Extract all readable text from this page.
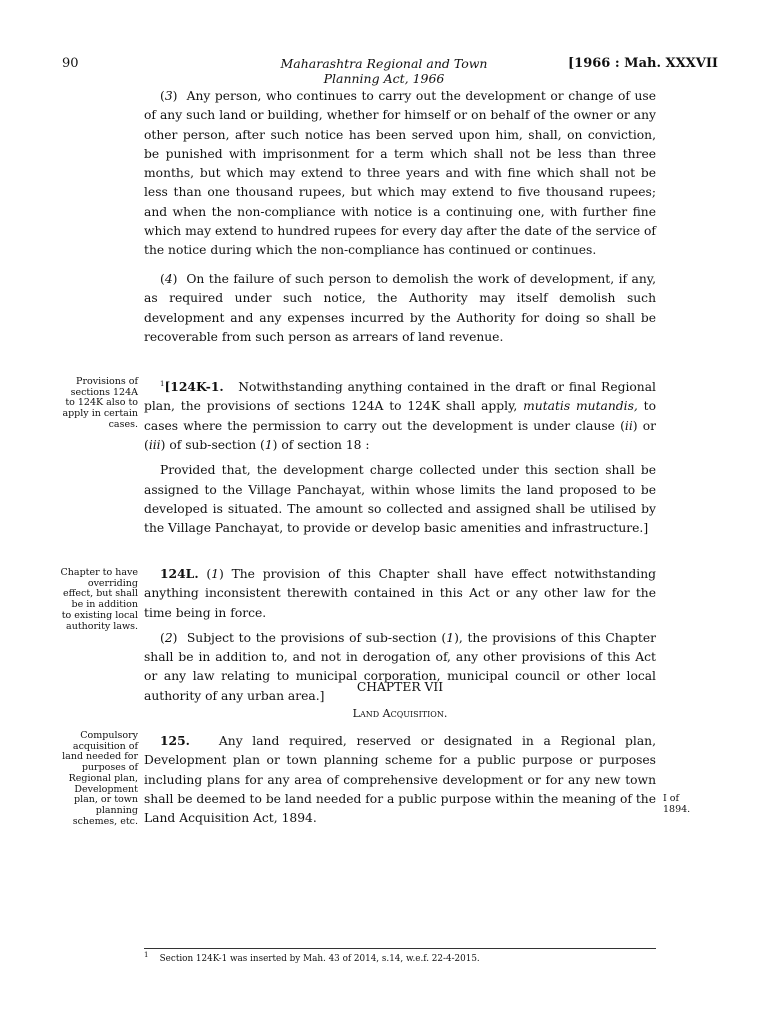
90	Maharashtra Regional and Town
Planning Act, 1966
[1966 : Mah. XXXVII

(3)  Any person, who continues to carry out the development or change of use of any such land or building, whether for himself or on behalf of the owner or any other person, after such notice has been served upon him, shall, on conviction, be punished with imprisonment for a term which shall not be less than three months, but which may extend to three years and with fine which shall not be less than one thousand rupees, but which may extend to five thousand rupees; and when the non-compliance with notice is a continuing one, with further fine which may extend to hundred rupees for every day after the date of the service of the notice during which the non-compliance has continued or continues.

(4)  On the failure of such person to demolish the work of development, if any, as required under such notice, the Authority may itself demolish such development and any expenses incurred by the Authority for doing so shall be recoverable from such person as arrears of land revenue.

Provisions of sections 124A to 124K also to apply in certain cases.

$^1$[124K-1. Notwithstanding anything contained in the draft or final Regional plan, the provisions of sections 124A to 124K shall apply, mutatis mutandis, to cases where the permission to carry out the development is under clause (ii) or (iii) of sub-section (1) of section 18 :

Provided that, the development charge collected under this section shall be assigned to the Village Panchayat, within whose limits the land proposed to be developed is situated. The amount so collected and assigned shall be utilised by the Village Panchayat, to provide or develop basic amenities and infrastructure.]

Chapter to have overriding effect, but shall be in addition to existing local authority laws.

124L. (1) The provision of this Chapter shall have effect notwithstanding anything inconsistent therewith contained in this Act or any other law for the time being in force.

(2)  Subject to the provisions of sub-section (1), the provisions of this Chapter shall be in addition to, and not in derogation of, any other provisions of this Act or any law relating to municipal corporation, municipal council or other local authority of any urban area.]

CHAPTER VII
Land Acquisition.
Compulsory acquisition of land needed for purposes of Regional plan, Development plan, or town planning schemes, etc.

125. Any land required, reserved or designated in a Regional plan, Development plan or town planning scheme for a public purpose or purposes including plans for any area of comprehensive development or for any new town shall be deemed to be land needed for a public purpose within the meaning of the Land Acquisition Act, 1894.

I of
1894.
$^1$ Section 124K-1 was inserted by Mah. 43 of 2014, s.14, w.e.f. 22-4-2015.
